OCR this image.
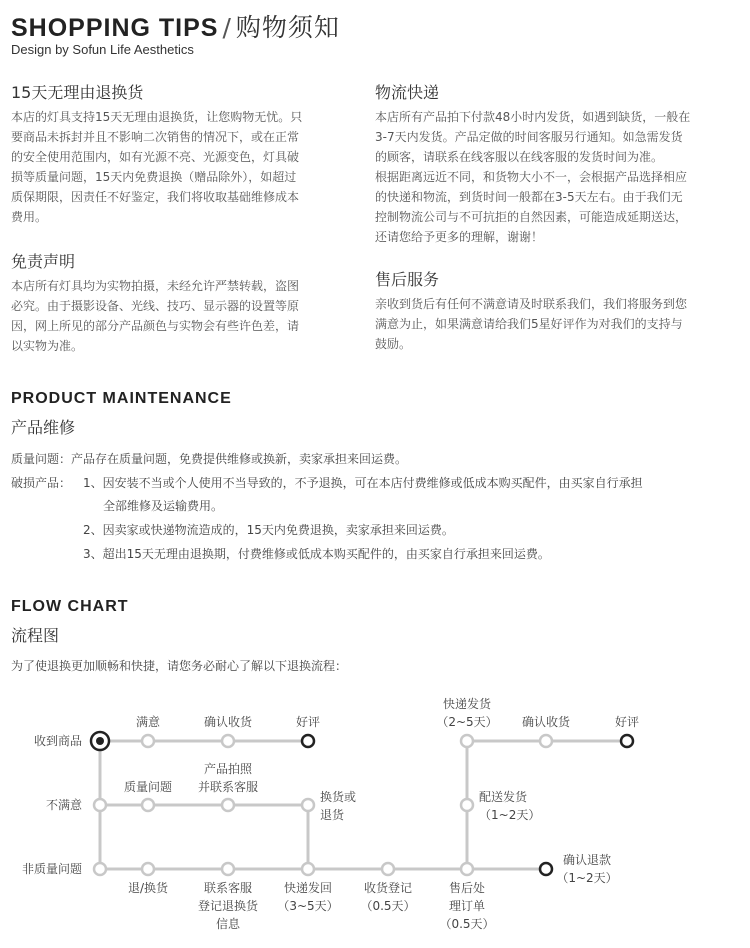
SHOPPING TIPS / 购物须知
Design by Sofun Life Aesthetics
15天无理由退换货
本店的灯具支持15天无理由退换货，让您购物无忧。只
要商品未拆封并且不影响二次销售的情况下，或在正常
的安全使用范围内，如有光源不亮、光源变色，灯具破
损等质量问题，15天内免费退换（赠品除外），如超过
质保期限，因责任不好鉴定，我们将收取基础维修成本
费用。
免责声明
本店所有灯具均为实物拍摄，未经允许严禁转载，盗图
必究。由于摄影设备、光线、技巧、显示器的设置等原
因，网上所见的部分产品颜色与实物会有些许色差，请
以实物为准。
物流快递
本店所有产品拍下付款48小时内发货，如遇到缺货，一般在
3-7天内发货。产品定做的时间客服另行通知。如急需发货
的顾客，请联系在线客服以在线客服的发货时间为准。
根据距离远近不同，和货物大小不一，会根据产品选择相应
的快递和物流，到货时间一般都在3-5天左右。由于我们无
控制物流公司与不可抗拒的自然因素，可能造成延期送达，
还请您给予更多的理解，谢谢！
售后服务
亲收到货后有任何不满意请及时联系我们，我们将服务到您
满意为止，如果满意请给我们5星好评作为对我们的支持与
鼓励。
PRODUCT MAINTENANCE
产品维修
质量问题：产品存在质量问题，免费提供维修或换新，卖家承担来回运费。
破损产品： 1、因安装不当或个人使用不当导致的，不予退换，可在本店付费维修或低成本购买配件，由买家自行承担
全部维修及运输费用。
2、因卖家或快递物流造成的，15天内免费退换，卖家承担来回运费。
3、超出15天无理由退换期，付费维修或低成本购买配件的，由买家自行承担来回运费。
FLOW CHART
流程图
为了使退换更加顺畅和快捷，请您务必耐心了解以下退换流程：
收到商品
不满意
非质量问题
满意	确认收货	好评
质量问题
产品拍照
并联系客服
换货或
退货
退/换货	联系客服
登记退换货
信息
快递发回
（3~5天）
收货登记
（0.5天）
售后处
理订单
（0.5天）
配送发货
（1~2天）
快递发货
（2~5天） 确认收货	好评
确认退款
（1~2天）
